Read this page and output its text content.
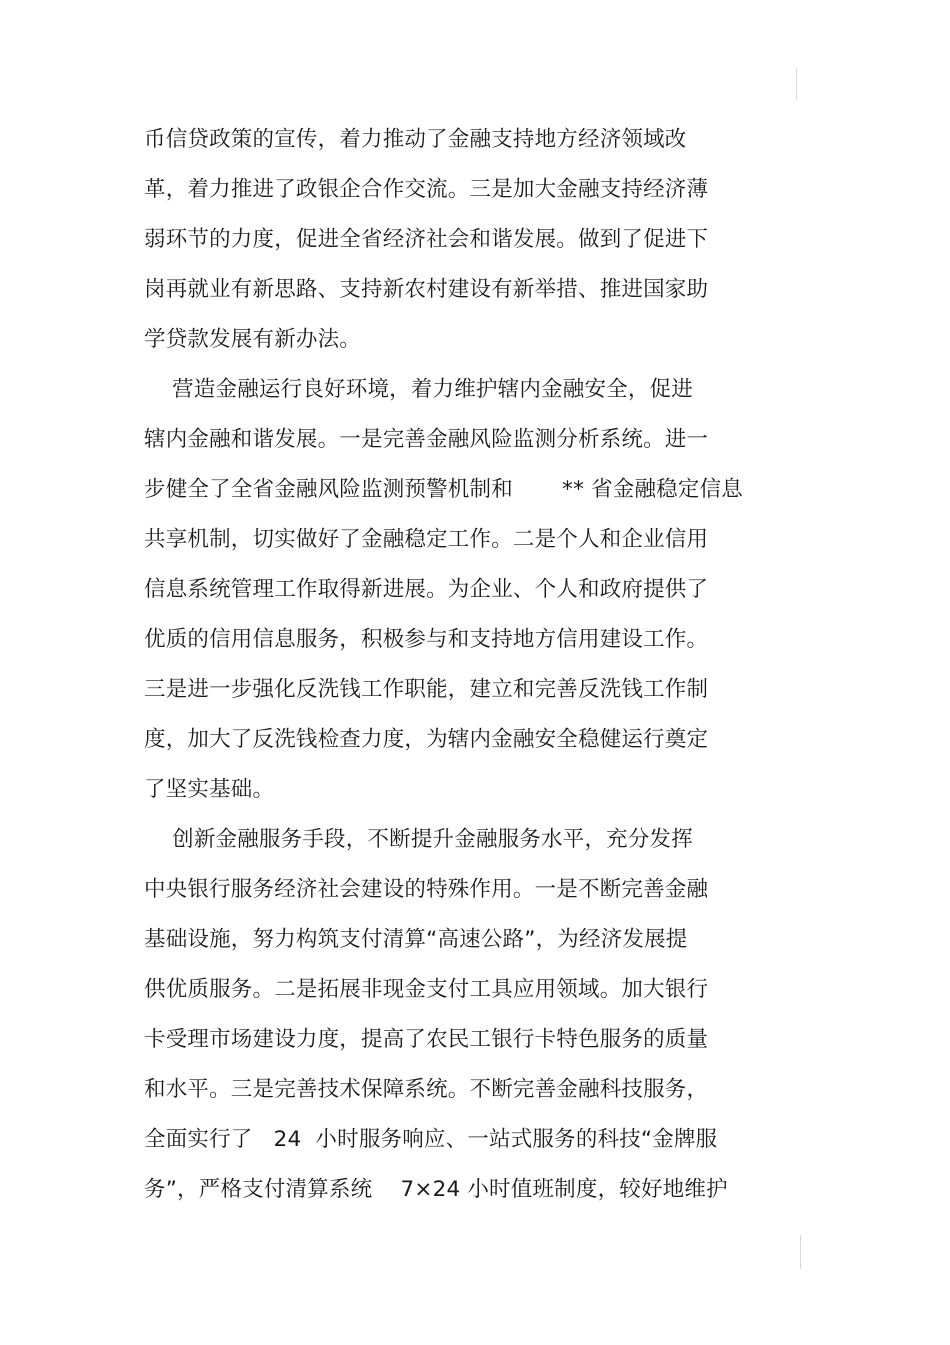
币信贷政策的宣传，着力推动了金融支持地方经济领域改
革，着力推进了政银企合作交流。三是加大金融支持经济薄
弱环节的力度，促进全省经济社会和谐发展。做到了促进下
岗再就业有新思路、支持新农村建设有新举措、推进国家助
学贷款发展有新办法。
营造金融运行良好环境，着力维护辖内金融安全，促进
辖内金融和谐发展。一是完善金融风险监测分析系统。进一
步健全了全省金融风险监测预警机制和       ** 省金融稳定信息
共享机制，切实做好了金融稳定工作。二是个人和企业信用
信息系统管理工作取得新进展。为企业、个人和政府提供了
优质的信用信息服务，积极参与和支持地方信用建设工作。
三是进一步强化反洗钱工作职能，建立和完善反洗钱工作制
度，加大了反洗钱检查力度，为辖内金融安全稳健运行奠定
了坚实基础。
创新金融服务手段，不断提升金融服务水平，充分发挥
中央银行服务经济社会建设的特殊作用。一是不断完善金融
基础设施，努力构筑支付清算“高速公路”，为经济发展提
供优质服务。二是拓展非现金支付工具应用领域。加大银行
卡受理市场建设力度，提高了农民工银行卡特色服务的质量
和水平。三是完善技术保障系统。不断完善金融科技服务，
全面实行了   24  小时服务响应、一站式服务的科技“金牌服
务”，严格支付清算系统    7×24 小时值班制度，较好地维护
